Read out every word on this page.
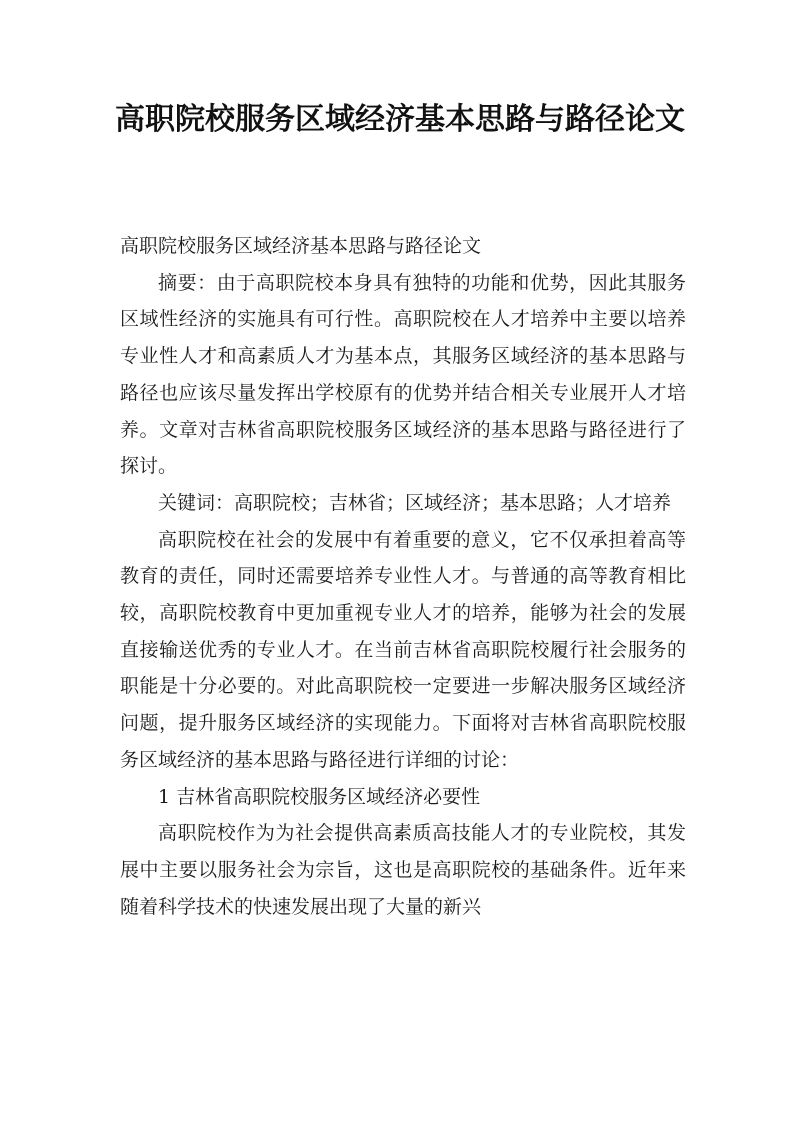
高职院校服务区域经济基本思路与路径论文

高职院校服务区域经济基本思路与路径论文

摘要：由于高职院校本身具有独特的功能和优势，因此其服务区域性经济的实施具有可行性。高职院校在人才培养中主要以培养专业性人才和高素质人才为基本点，其服务区域经济的基本思路与路径也应该尽量发挥出学校原有的优势并结合相关专业展开人才培养。文章对吉林省高职院校服务区域经济的基本思路与路径进行了探讨。

关键词：高职院校；吉林省；区域经济；基本思路；人才培养

高职院校在社会的发展中有着重要的意义，它不仅承担着高等教育的责任，同时还需要培养专业性人才。与普通的高等教育相比较，高职院校教育中更加重视专业人才的培养，能够为社会的发展直接输送优秀的专业人才。在当前吉林省高职院校履行社会服务的职能是十分必要的。对此高职院校一定要进一步解决服务区域经济问题，提升服务区域经济的实现能力。下面将对吉林省高职院校服务区域经济的基本思路与路径进行详细的讨论：

1 吉林省高职院校服务区域经济必要性

高职院校作为为社会提供高素质高技能人才的专业院校，其发展中主要以服务社会为宗旨，这也是高职院校的基础条件。近年来随着科学技术的快速发展出现了大量的新兴
